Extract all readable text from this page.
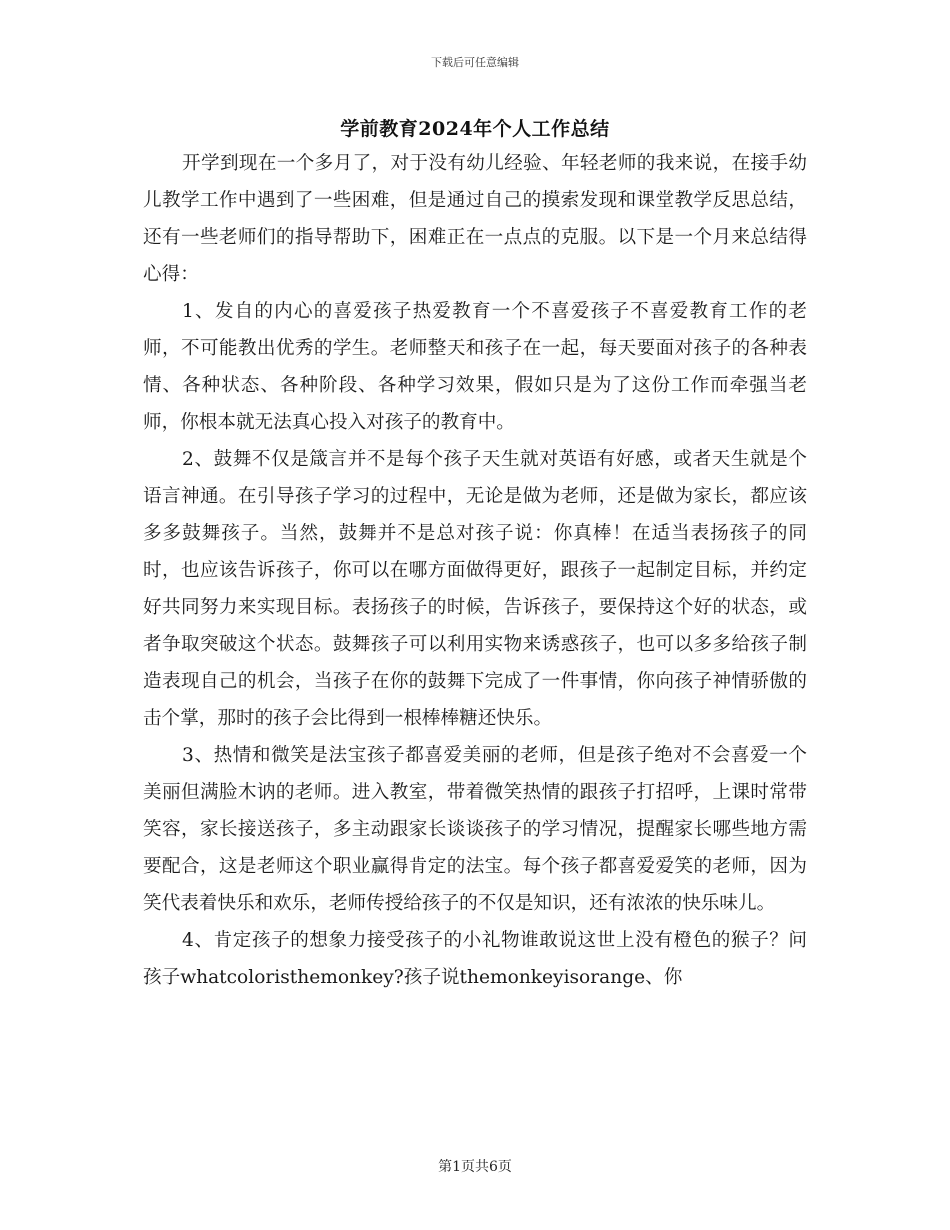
下载后可任意编辑
学前教育2024年个人工作总结

开学到现在一个多月了，对于没有幼儿经验、年轻老师的我来说，在接手幼儿教学工作中遇到了一些困难，但是通过自己的摸索发现和课堂教学反思总结，还有一些老师们的指导帮助下，困难正在一点点的克服。以下是一个月来总结得心得：

1、发自的内心的喜爱孩子热爱教育一个不喜爱孩子不喜爱教育工作的老师，不可能教出优秀的学生。老师整天和孩子在一起，每天要面对孩子的各种表情、各种状态、各种阶段、各种学习效果，假如只是为了这份工作而牵强当老师，你根本就无法真心投入对孩子的教育中。

2、鼓舞不仅是箴言并不是每个孩子天生就对英语有好感，或者天生就是个语言神通。在引导孩子学习的过程中，无论是做为老师，还是做为家长，都应该多多鼓舞孩子。当然，鼓舞并不是总对孩子说：你真棒！在适当表扬孩子的同时，也应该告诉孩子，你可以在哪方面做得更好，跟孩子一起制定目标，并约定好共同努力来实现目标。表扬孩子的时候，告诉孩子，要保持这个好的状态，或者争取突破这个状态。鼓舞孩子可以利用实物来诱惑孩子，也可以多多给孩子制造表现自己的机会，当孩子在你的鼓舞下完成了一件事情，你向孩子神情骄傲的击个掌，那时的孩子会比得到一根棒棒糖还快乐。

3、热情和微笑是法宝孩子都喜爱美丽的老师，但是孩子绝对不会喜爱一个美丽但满脸木讷的老师。进入教室，带着微笑热情的跟孩子打招呼，上课时常带笑容，家长接送孩子，多主动跟家长谈谈孩子的学习情况，提醒家长哪些地方需要配合，这是老师这个职业赢得肯定的法宝。每个孩子都喜爱爱笑的老师，因为笑代表着快乐和欢乐，老师传授给孩子的不仅是知识，还有浓浓的快乐味儿。

4、肯定孩子的想象力接受孩子的小礼物谁敢说这世上没有橙色的猴子？问孩子whatcoloristhemonkey?孩子说themonkeyisorange、你

第1页共6页
